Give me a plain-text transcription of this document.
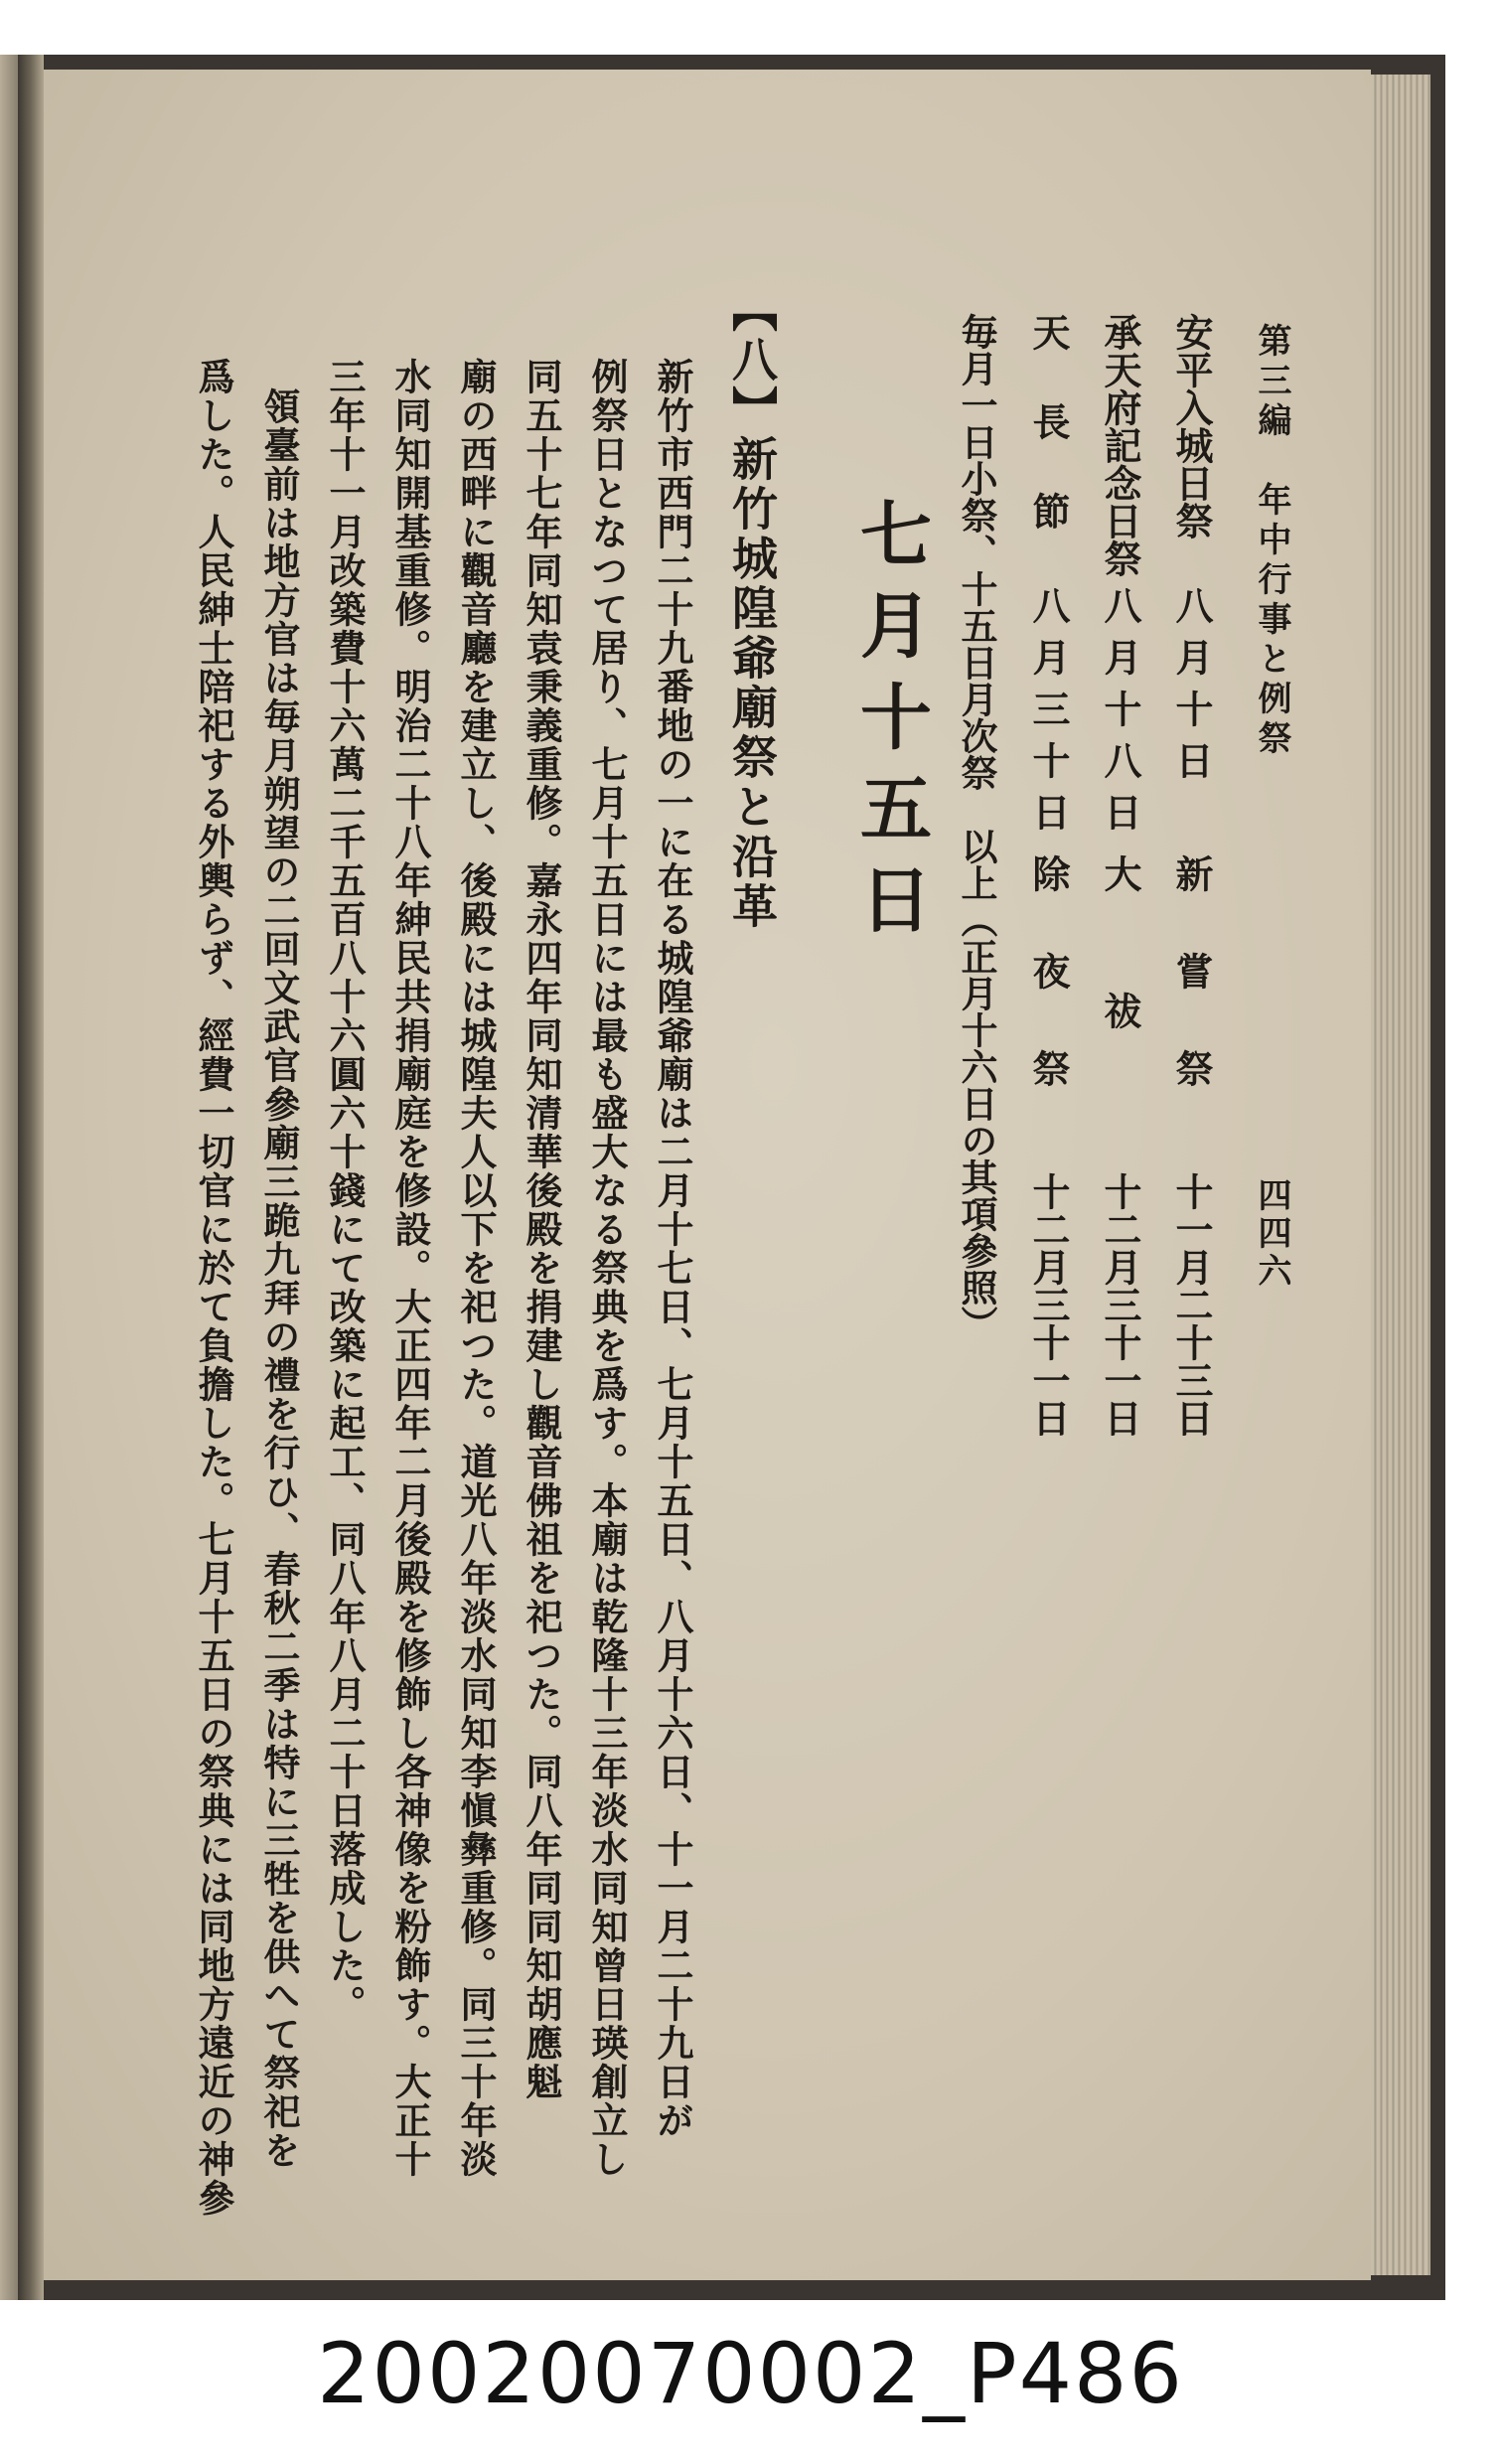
第三編　年中行事と例祭
四四六
安平入城日祭
八月十日
新嘗祭
十一月二十三日
承天府記念日祭
八月十八日
大祓
十二月三十一日
天長節
八月三十日
除夜祭
十二月三十一日
毎月一日小祭、十五日月次祭　以上（正月十六日の其項參照）
七月十五日
【八】新竹城隍爺廟祭と沿革
新竹市西門二十九番地の一に在る城隍爺廟は二月十七日、七月十五日、八月十六日、十一月二十九日が
例祭日となつて居り、七月十五日には最も盛大なる祭典を爲す。本廟は乾隆十三年淡水同知曾日瑛創立し
同五十七年同知袁秉義重修。嘉永四年同知清華後殿を捐建し觀音佛祖を祀つた。同八年同同知胡應魁
廟の西畔に觀音廳を建立し、後殿には城隍夫人以下を祀つた。道光八年淡水同知李愼彝重修。同三十年淡
水同知開基重修。明治二十八年紳民共捐廟庭を修設。大正四年二月後殿を修飾し各神像を粉飾す。大正十
三年十一月改築費十六萬二千五百八十六圓六十錢にて改築に起工、同八年八月二十日落成した。
領臺前は地方官は毎月朔望の二回文武官參廟三跪九拜の禮を行ひ、春秋二季は特に三牲を供へて祭祀を
爲した。人民紳士陪祀する外輿らず、經費一切官に於て負擔した。七月十五日の祭典には同地方遠近の神參
20020070002_P486
